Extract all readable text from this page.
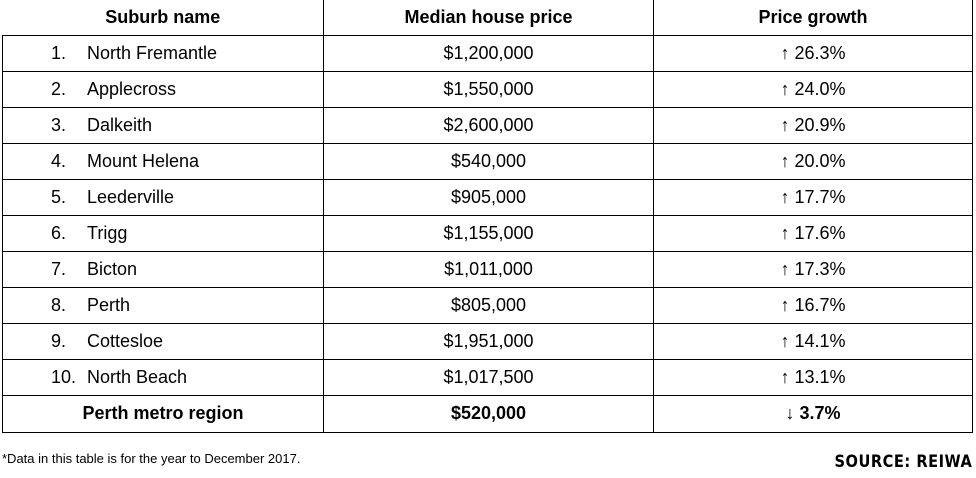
Suburb name	Median house price	Price growth
1. North Fremantle	$1,200,000	↑ 26.3%
2. Applecross	$1,550,000	↑ 24.0%
3. Dalkeith	$2,600,000	↑ 20.9%
4. Mount Helena	$540,000	↑ 20.0%
5. Leederville	$905,000	↑ 17.7%
6. Trigg	$1,155,000	↑ 17.6%
7. Bicton	$1,011,000	↑ 17.3%
8. Perth	$805,000	↑ 16.7%
9. Cottesloe	$1,951,000	↑ 14.1%
10. North Beach	$1,017,500	↑ 13.1%
Perth metro region	$520,000	↓ 3.7%
*Data in this table is for the year to December 2017.	SOURCE: REIWA
